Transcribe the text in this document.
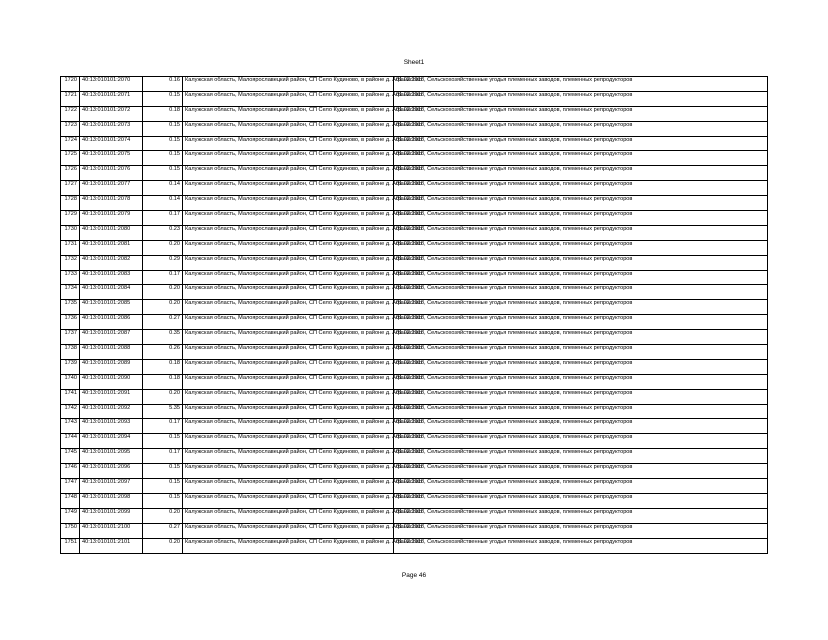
Sheet1
1720	40:13:010101:2070	0.16	Калужская область, Малоярославецкий район, СП Село Кудиново, в районе д. Афанасово	01.02.2018, Сельскохозяйственные угодья племенных заводов, племенных репродукторов
1721	40:13:010101:2071	0.15	Калужская область, Малоярославецкий район, СП Село Кудиново, в районе д. Афанасово	01.02.2018, Сельскохозяйственные угодья племенных заводов, племенных репродукторов
1722	40:13:010101:2072	0.18	Калужская область, Малоярославецкий район, СП Село Кудиново, в районе д. Афанасово	01.02.2018, Сельскохозяйственные угодья племенных заводов, племенных репродукторов
1723	40:13:010101:2073	0.15	Калужская область, Малоярославецкий район, СП Село Кудиново, в районе д. Афанасово	01.02.2018, Сельскохозяйственные угодья племенных заводов, племенных репродукторов
1724	40:13:010101:2074	0.15	Калужская область, Малоярославецкий район, СП Село Кудиново, в районе д. Афанасово	01.02.2018, Сельскохозяйственные угодья племенных заводов, племенных репродукторов
1725	40:13:010101:2075	0.15	Калужская область, Малоярославецкий район, СП Село Кудиново, в районе д. Афанасово	01.02.2018, Сельскохозяйственные угодья племенных заводов, племенных репродукторов
1726	40:13:010101:2076	0.15	Калужская область, Малоярославецкий район, СП Село Кудиново, в районе д. Афанасово	01.02.2018, Сельскохозяйственные угодья племенных заводов, племенных репродукторов
1727	40:13:010101:2077	0.14	Калужская область, Малоярославецкий район, СП Село Кудиново, в районе д. Афанасово	01.02.2018, Сельскохозяйственные угодья племенных заводов, племенных репродукторов
1728	40:13:010101:2078	0.14	Калужская область, Малоярославецкий район, СП Село Кудиново, в районе д. Афанасово	01.02.2018, Сельскохозяйственные угодья племенных заводов, племенных репродукторов
1729	40:13:010101:2079	0.17	Калужская область, Малоярославецкий район, СП Село Кудиново, в районе д. Афанасово	01.02.2018, Сельскохозяйственные угодья племенных заводов, племенных репродукторов
1730	40:13:010101:2080	0.23	Калужская область, Малоярославецкий район, СП Село Кудиново, в районе д. Афанасово	01.02.2018, Сельскохозяйственные угодья племенных заводов, племенных репродукторов
1731	40:13:010101:2081	0.20	Калужская область, Малоярославецкий район, СП Село Кудиново, в районе д. Афанасово	01.02.2018, Сельскохозяйственные угодья племенных заводов, племенных репродукторов
1732	40:13:010101:2082	0.29	Калужская область, Малоярославецкий район, СП Село Кудиново, в районе д. Афанасово	01.02.2018, Сельскохозяйственные угодья племенных заводов, племенных репродукторов
1733	40:13:010101:2083	0.17	Калужская область, Малоярославецкий район, СП Село Кудиново, в районе д. Афанасово	01.02.2018, Сельскохозяйственные угодья племенных заводов, племенных репродукторов
1734	40:13:010101:2084	0.20	Калужская область, Малоярославецкий район, СП Село Кудиново, в районе д. Афанасово	01.02.2018, Сельскохозяйственные угодья племенных заводов, племенных репродукторов
1735	40:13:010101:2085	0.20	Калужская область, Малоярославецкий район, СП Село Кудиново, в районе д. Афанасово	01.02.2018, Сельскохозяйственные угодья племенных заводов, племенных репродукторов
1736	40:13:010101:2086	0.27	Калужская область, Малоярославецкий район, СП Село Кудиново, в районе д. Афанасово	01.02.2018, Сельскохозяйственные угодья племенных заводов, племенных репродукторов
1737	40:13:010101:2087	0.35	Калужская область, Малоярославецкий район, СП Село Кудиново, в районе д. Афанасово	01.02.2018, Сельскохозяйственные угодья племенных заводов, племенных репродукторов
1738	40:13:010101:2088	0.26	Калужская область, Малоярославецкий район, СП Село Кудиново, в районе д. Афанасово	01.02.2018, Сельскохозяйственные угодья племенных заводов, племенных репродукторов
1739	40:13:010101:2089	0.18	Калужская область, Малоярославецкий район, СП Село Кудиново, в районе д. Афанасово	01.02.2018, Сельскохозяйственные угодья племенных заводов, племенных репродукторов
1740	40:13:010101:2090	0.18	Калужская область, Малоярославецкий район, СП Село Кудиново, в районе д. Афанасово	01.02.2018, Сельскохозяйственные угодья племенных заводов, племенных репродукторов
1741	40:13:010101:2091	0.20	Калужская область, Малоярославецкий район, СП Село Кудиново, в районе д. Афанасово	01.02.2018, Сельскохозяйственные угодья племенных заводов, племенных репродукторов
1742	40:13:010101:2092	5.35	Калужская область, Малоярославецкий район, СП Село Кудиново, в районе д. Афанасово	01.02.2018, Сельскохозяйственные угодья племенных заводов, племенных репродукторов
1743	40:13:010101:2093	0.17	Калужская область, Малоярославецкий район, СП Село Кудиново, в районе д. Афанасово	01.02.2018, Сельскохозяйственные угодья племенных заводов, племенных репродукторов
1744	40:13:010101:2094	0.15	Калужская область, Малоярославецкий район, СП Село Кудиново, в районе д. Афанасово	01.02.2018, Сельскохозяйственные угодья племенных заводов, племенных репродукторов
1745	40:13:010101:2095	0.17	Калужская область, Малоярославецкий район, СП Село Кудиново, в районе д. Афанасово	01.02.2018, Сельскохозяйственные угодья племенных заводов, племенных репродукторов
1746	40:13:010101:2096	0.15	Калужская область, Малоярославецкий район, СП Село Кудиново, в районе д. Афанасово	01.02.2018, Сельскохозяйственные угодья племенных заводов, племенных репродукторов
1747	40:13:010101:2097	0.15	Калужская область, Малоярославецкий район, СП Село Кудиново, в районе д. Афанасово	01.02.2018, Сельскохозяйственные угодья племенных заводов, племенных репродукторов
1748	40:13:010101:2098	0.15	Калужская область, Малоярославецкий район, СП Село Кудиново, в районе д. Афанасово	01.02.2018, Сельскохозяйственные угодья племенных заводов, племенных репродукторов
1749	40:13:010101:2099	0.20	Калужская область, Малоярославецкий район, СП Село Кудиново, в районе д. Афанасово	01.02.2018, Сельскохозяйственные угодья племенных заводов, племенных репродукторов
1750	40:13:010101:2100	0.27	Калужская область, Малоярославецкий район, СП Село Кудиново, в районе д. Афанасово	01.02.2018, Сельскохозяйственные угодья племенных заводов, племенных репродукторов
1751	40:13:010101:2101	0.20	Калужская область, Малоярославецкий район, СП Село Кудиново, в районе д. Афанасово	01.02.2018, Сельскохозяйственные угодья племенных заводов, племенных репродукторов
Page 46
